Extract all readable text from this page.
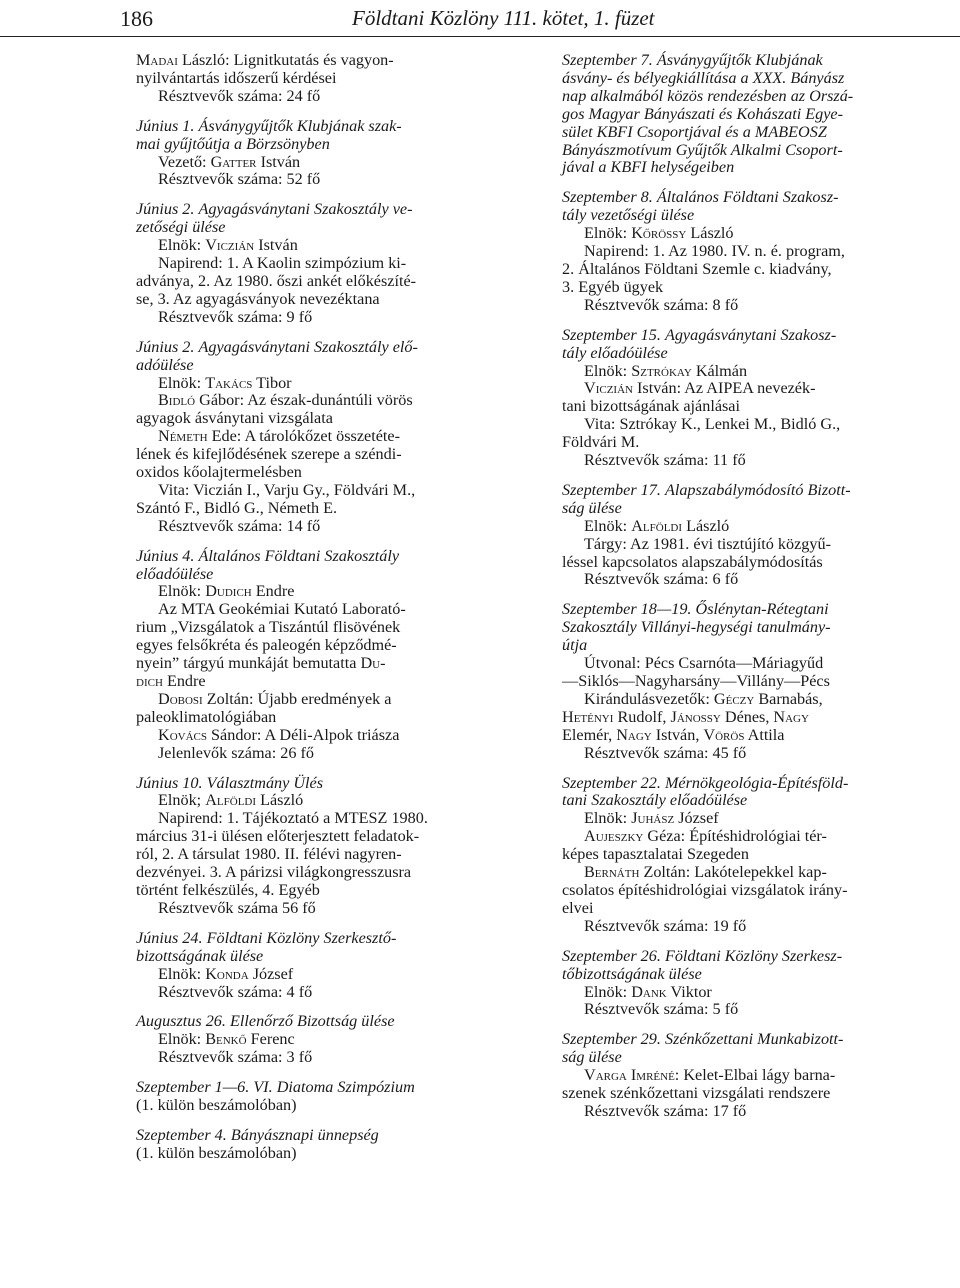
186	Földtani Közlöny 111. kötet, 1. füzet

Madai László: Lignitkutatás és vagyon-

nyilvántartás időszerű kérdései

Résztvevők száma: 24 fő

Június 1. Ásványgyűjtők Klubjának szak-

mai gyűjtőútja a Börzsönyben

Vezető: Gatter István

Résztvevők száma: 52 fő

Június 2. Agyagásványtani Szakosztály ve-

zetőségi ülése

Elnök: Viczián István

Napirend: 1. A Kaolin szimpózium ki-

adványa, 2. Az 1980. őszi ankét előkészíté-

se, 3. Az agyagásványok nevezéktana

Résztvevők száma: 9 fő

Június 2. Agyagásványtani Szakosztály elő-

adóülése

Elnök: Takács Tibor

Bidló Gábor: Az észak-dunántúli vörös

agyagok ásványtani vizsgálata

Németh Ede: A tárolókőzet összetéte-

lének és kifejlődésének szerepe a széndi-

oxidos kőolajtermelésben

Vita: Viczián I., Varju Gy., Földvári M.,

Szántó F., Bidló G., Németh E.

Résztvevők száma: 14 fő

Június 4. Általános Földtani Szakosztály

előadóülése

Elnök: Dudich Endre

Az MTA Geokémiai Kutató Laborató-

rium „Vizsgálatok a Tiszántúl flisövének

egyes felsőkréta és paleogén képződmé-

nyein” tárgyú munkáját bemutatta Du-

dich Endre

Dobosi Zoltán: Újabb eredmények a

paleoklimatológiában

Kovács Sándor: A Déli-Alpok triásza

Jelenlevők száma: 26 fő

Június 10. Választmány Ülés

Elnök; Alföldi László

Napirend: 1. Tájékoztató a MTESZ 1980.

március 31-i ülésen előterjesztett feladatok-

ról, 2. A társulat 1980. II. félévi nagyren-

dezvényei. 3. A párizsi világkongresszusra

történt felkészülés, 4. Egyéb

Résztvevők száma 56 fő

Június 24. Földtani Közlöny Szerkesztő-

bizottságának ülése

Elnök: Konda József

Résztvevők száma: 4 fő

Augusztus 26. Ellenőrző Bizottság ülése

Elnök: Benkő Ferenc

Résztvevők száma: 3 fő

Szeptember 1—6. VI. Diatoma Szimpózium

(1. külön beszámolóban)

Szeptember 4. Bányásznapi ünnepség

(1. külön beszámolóban)

Szeptember 7. Ásványgyűjtők Klubjának

ásvány- és bélyegkiállítása a XXX. Bányász

nap alkalmából közös rendezésben az Orszá-

gos Magyar Bányászati és Kohászati Egye-

sület KBFI Csoportjával és a MABEOSZ

Bányászmotívum Gyűjtők Alkalmi Csoport-

jával a KBFI helységeiben

Szeptember 8. Általános Földtani Szakosz-

tály vezetőségi ülése

Elnök: Kőrössy László

Napirend: 1. Az 1980. IV. n. é. program,

2. Általános Földtani Szemle c. kiadvány,

3. Egyéb ügyek

Résztvevők száma: 8 fő

Szeptember 15. Agyagásványtani Szakosz-

tály előadóülése

Elnök: Sztrókay Kálmán

Viczián István: Az AIPEA nevezék-

tani bizottságának ajánlásai

Vita: Sztrókay K., Lenkei M., Bidló G.,

Földvári M.

Résztvevők száma: 11 fő

Szeptember 17. Alapszabálymódosító Bizott-

ság ülése

Elnök: Alföldi László

Tárgy: Az 1981. évi tisztújító közgyű-

léssel kapcsolatos alapszabálymódosítás

Résztvevők száma: 6 fő

Szeptember 18—19. Őslénytan-Rétegtani

Szakosztály Villányi-hegységi tanulmány-

útja

Útvonal: Pécs Csarnóta—Máriagyűd

—Siklós—Nagyharsány—Villány—Pécs

Kirándulásvezetők: Géczy Barnabás,

Hetényi Rudolf, Jánossy Dénes, Nagy

Elemér, Nagy István, Vörös Attila

Résztvevők száma: 45 fő

Szeptember 22. Mérnökgeológia-Építésföld-

tani Szakosztály előadóülése

Elnök: Juhász József

Aujeszky Géza: Építéshidrológiai tér-

képes tapasztalatai Szegeden

Bernáth Zoltán: Lakótelepekkel kap-

csolatos építéshidrológiai vizsgálatok irány-

elvei

Résztvevők száma: 19 fő

Szeptember 26. Földtani Közlöny Szerkesz-

tőbizottságának ülése

Elnök: Dank Viktor

Résztvevők száma: 5 fő

Szeptember 29. Szénkőzettani Munkabizott-

ság ülése

Varga Imréné: Kelet-Elbai lágy barna-

szenek szénkőzettani vizsgálati rendszere

Résztvevők száma: 17 fő
